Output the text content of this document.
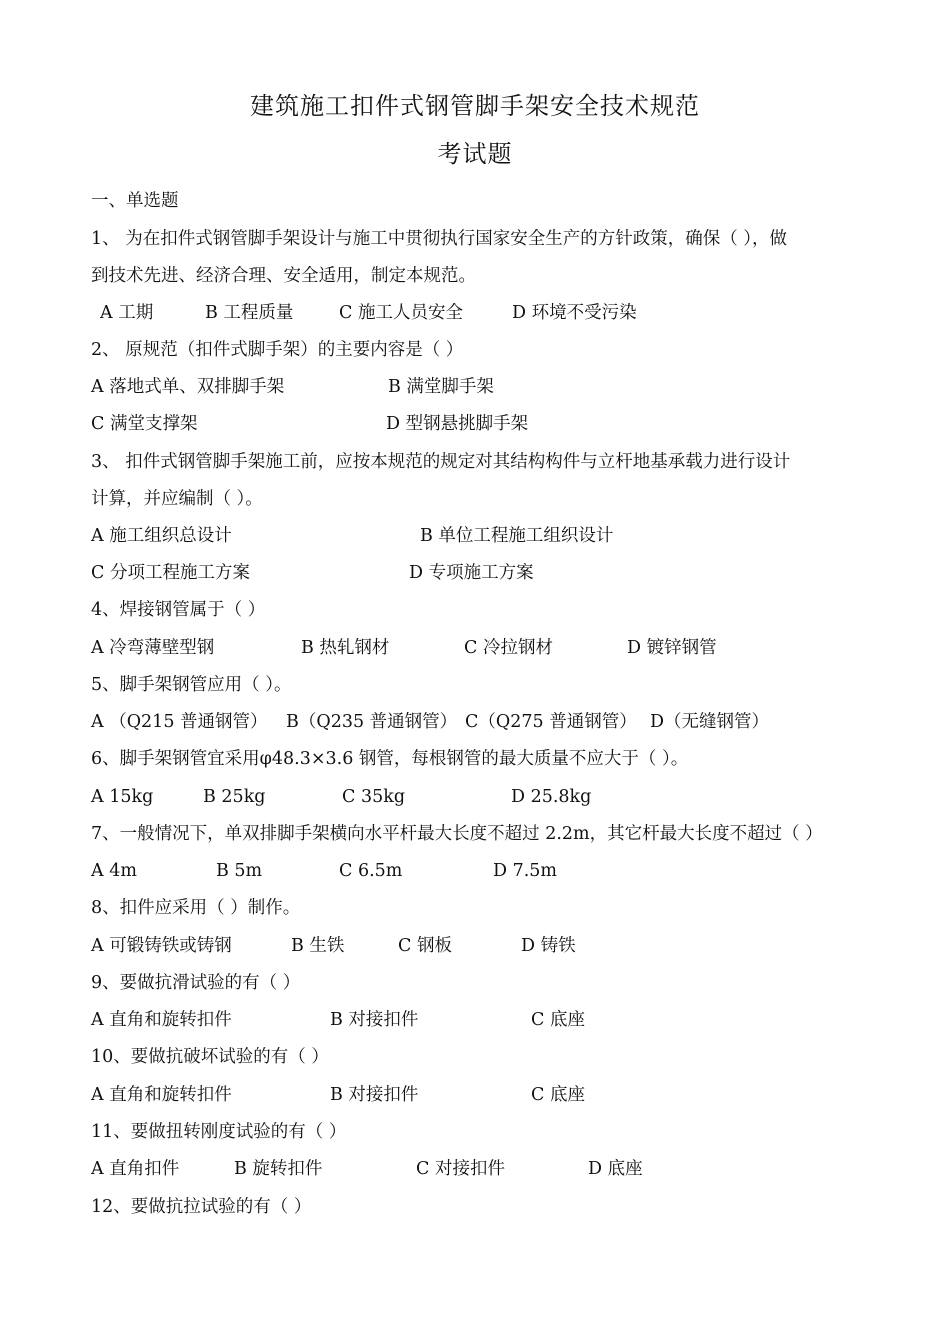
建筑施工扣件式钢管脚手架安全技术规范
考试题
一、单选题
1、 为在扣件式钢管脚手架设计与施工中贯彻执行国家安全生产的方针政策，确保（ ），做
到技术先进、经济合理、安全适用，制定本规范。
A 工期	B 工程质量	C 施工人员安全	D 环境不受污染
2、 原规范（扣件式脚手架）的主要内容是（ ）
A 落地式单、双排脚手架	B 满堂脚手架
C 满堂支撑架	D 型钢悬挑脚手架
3、 扣件式钢管脚手架施工前，应按本规范的规定对其结构构件与立杆地基承载力进行设计
计算，并应编制（ ）。
A 施工组织总设计	B 单位工程施工组织设计
C 分项工程施工方案	D 专项施工方案
4、焊接钢管属于（ ）
A 冷弯薄壁型钢	B 热轧钢材	C 冷拉钢材	D 镀锌钢管
5、脚手架钢管应用（ ）。
A （Q215 普通钢管） B（Q235 普通钢管） C（Q275 普通钢管） D（无缝钢管）
6、脚手架钢管宜采用φ48.3×3.6 钢管，每根钢管的最大质量不应大于（ ）。
A 15kg	B 25kg	C 35kg	D 25.8kg
7、一般情况下，单双排脚手架横向水平杆最大长度不超过 2.2m，其它杆最大长度不超过（ ）
A 4m	B 5m	C 6.5m	D 7.5m
8、扣件应采用（ ）制作。
A 可锻铸铁或铸钢	B 生铁	C 钢板	D 铸铁
9、要做抗滑试验的有（ ）
A 直角和旋转扣件	B 对接扣件	C 底座
10、要做抗破坏试验的有（ ）
A 直角和旋转扣件	B 对接扣件	C 底座
11、要做扭转刚度试验的有（ ）
A 直角扣件	B 旋转扣件	C 对接扣件	D 底座
12、要做抗拉试验的有（ ）
